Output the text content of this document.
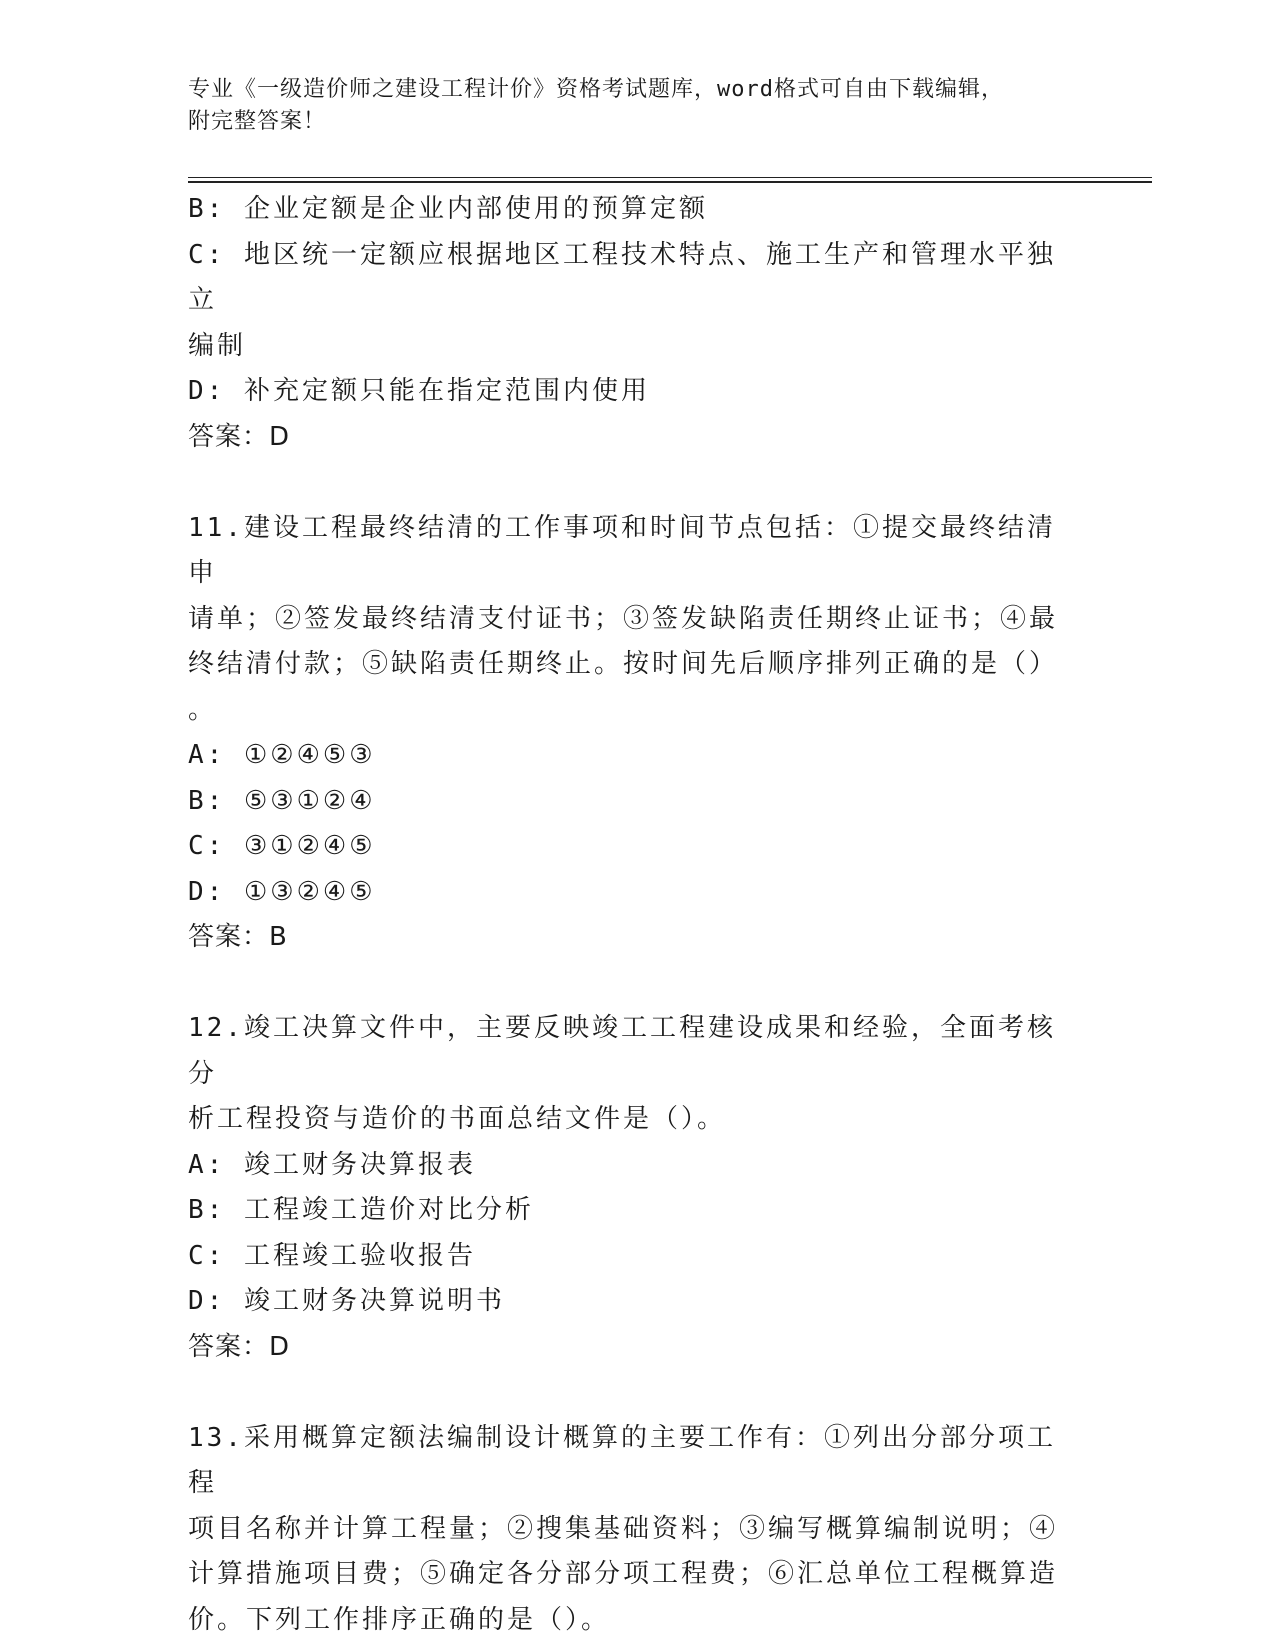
专业《一级造价师之建设工程计价》资格考试题库，word格式可自由下载编辑，
附完整答案！
B: 企业定额是企业内部使用的预算定额
C: 地区统一定额应根据地区工程技术特点、施工生产和管理水平独立
编制
D: 补充定额只能在指定范围内使用
答案：D
11.建设工程最终结清的工作事项和时间节点包括：①提交最终结清申
请单；②签发最终结清支付证书；③签发缺陷责任期终止证书；④最
终结清付款；⑤缺陷责任期终止。按时间先后顺序排列正确的是（）
。
A: ①②④⑤③
B: ⑤③①②④
C: ③①②④⑤
D: ①③②④⑤
答案：B
12.竣工决算文件中，主要反映竣工工程建设成果和经验，全面考核分
析工程投资与造价的书面总结文件是（）。
A: 竣工财务决算报表
B: 工程竣工造价对比分析
C: 工程竣工验收报告
D: 竣工财务决算说明书
答案：D
13.采用概算定额法编制设计概算的主要工作有：①列出分部分项工程
项目名称并计算工程量；②搜集基础资料；③编写概算编制说明；④
计算措施项目费；⑤确定各分部分项工程费；⑥汇总单位工程概算造
价。下列工作排序正确的是（）。
